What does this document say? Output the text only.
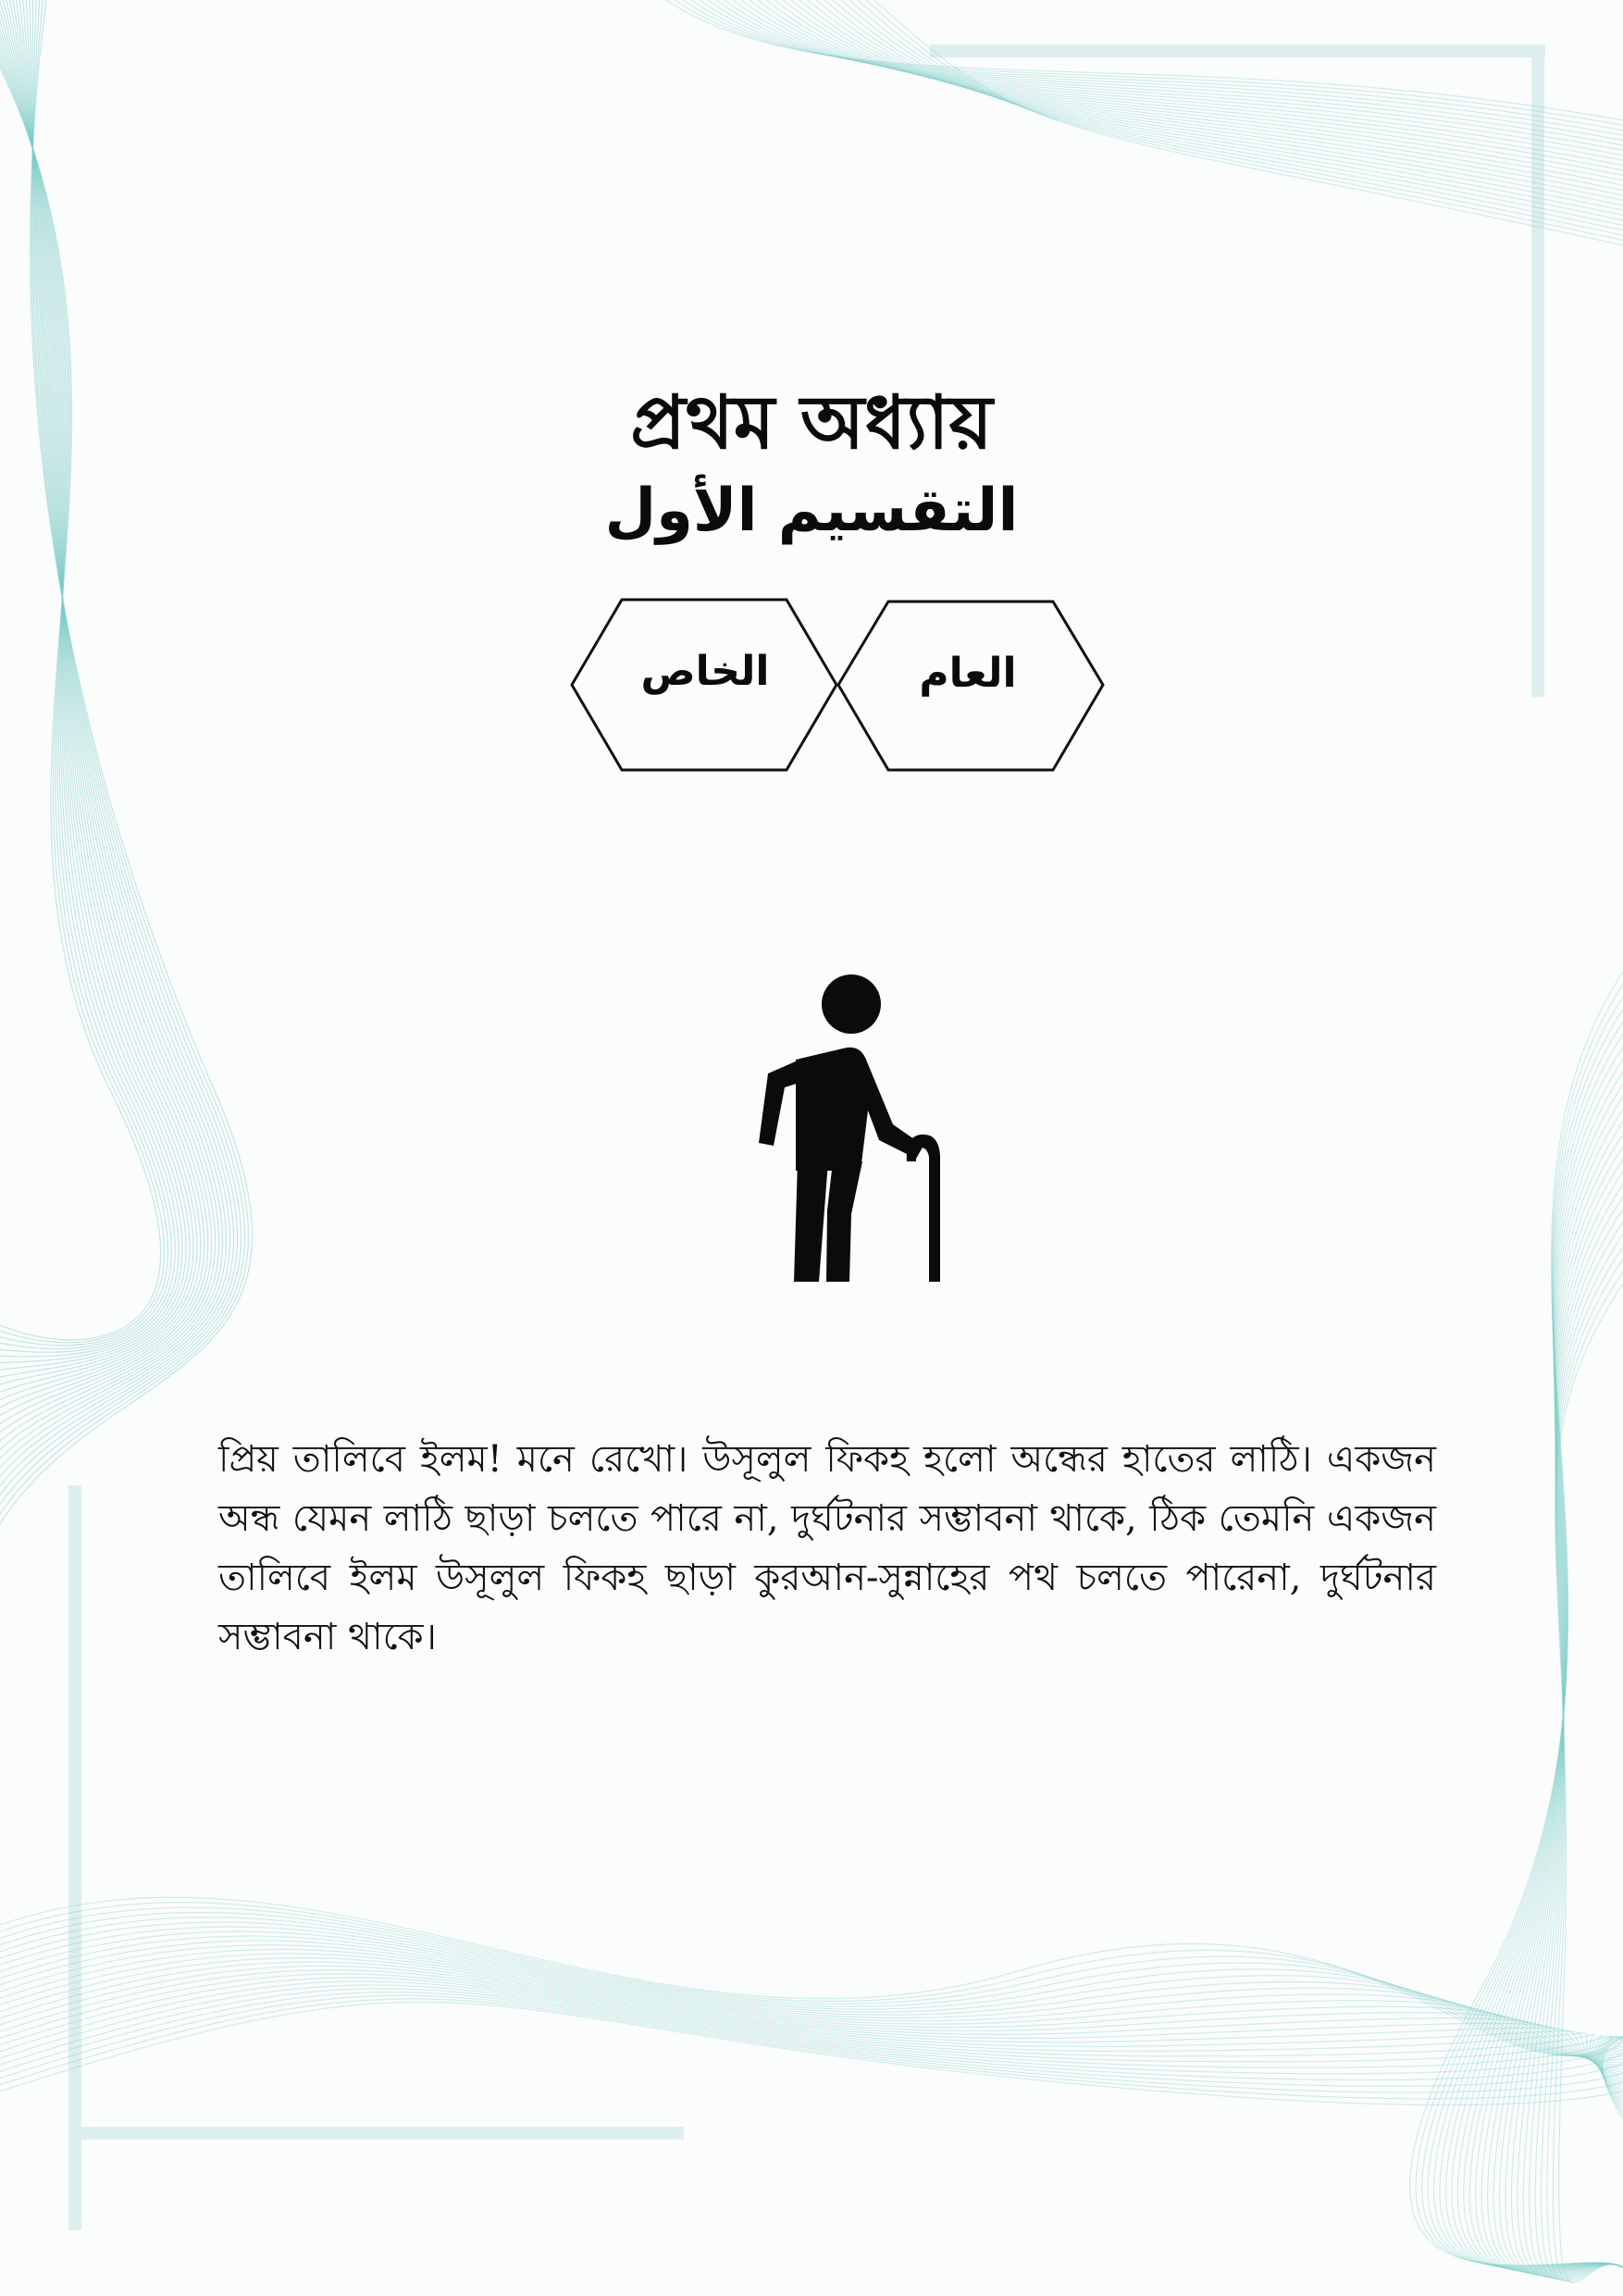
প্রথম অধ্যায়
التقسيم الأول
الخاص	العام
প্রিয় তালিবে ইলম! মনে রেখো। উসূলুল ফিকহ হলো অন্ধের হাতের লাঠি। একজন অন্ধ যেমন লাঠি ছাড়া চলতে পারে না, দুর্ঘটনার সম্ভাবনা থাকে, ঠিক তেমনি একজন তালিবে ইলম উসূলুল ফিকহ ছাড়া কুরআন-সুন্নাহের পথ চলতে পারেনা, দুর্ঘটনার সম্ভাবনা থাকে।
